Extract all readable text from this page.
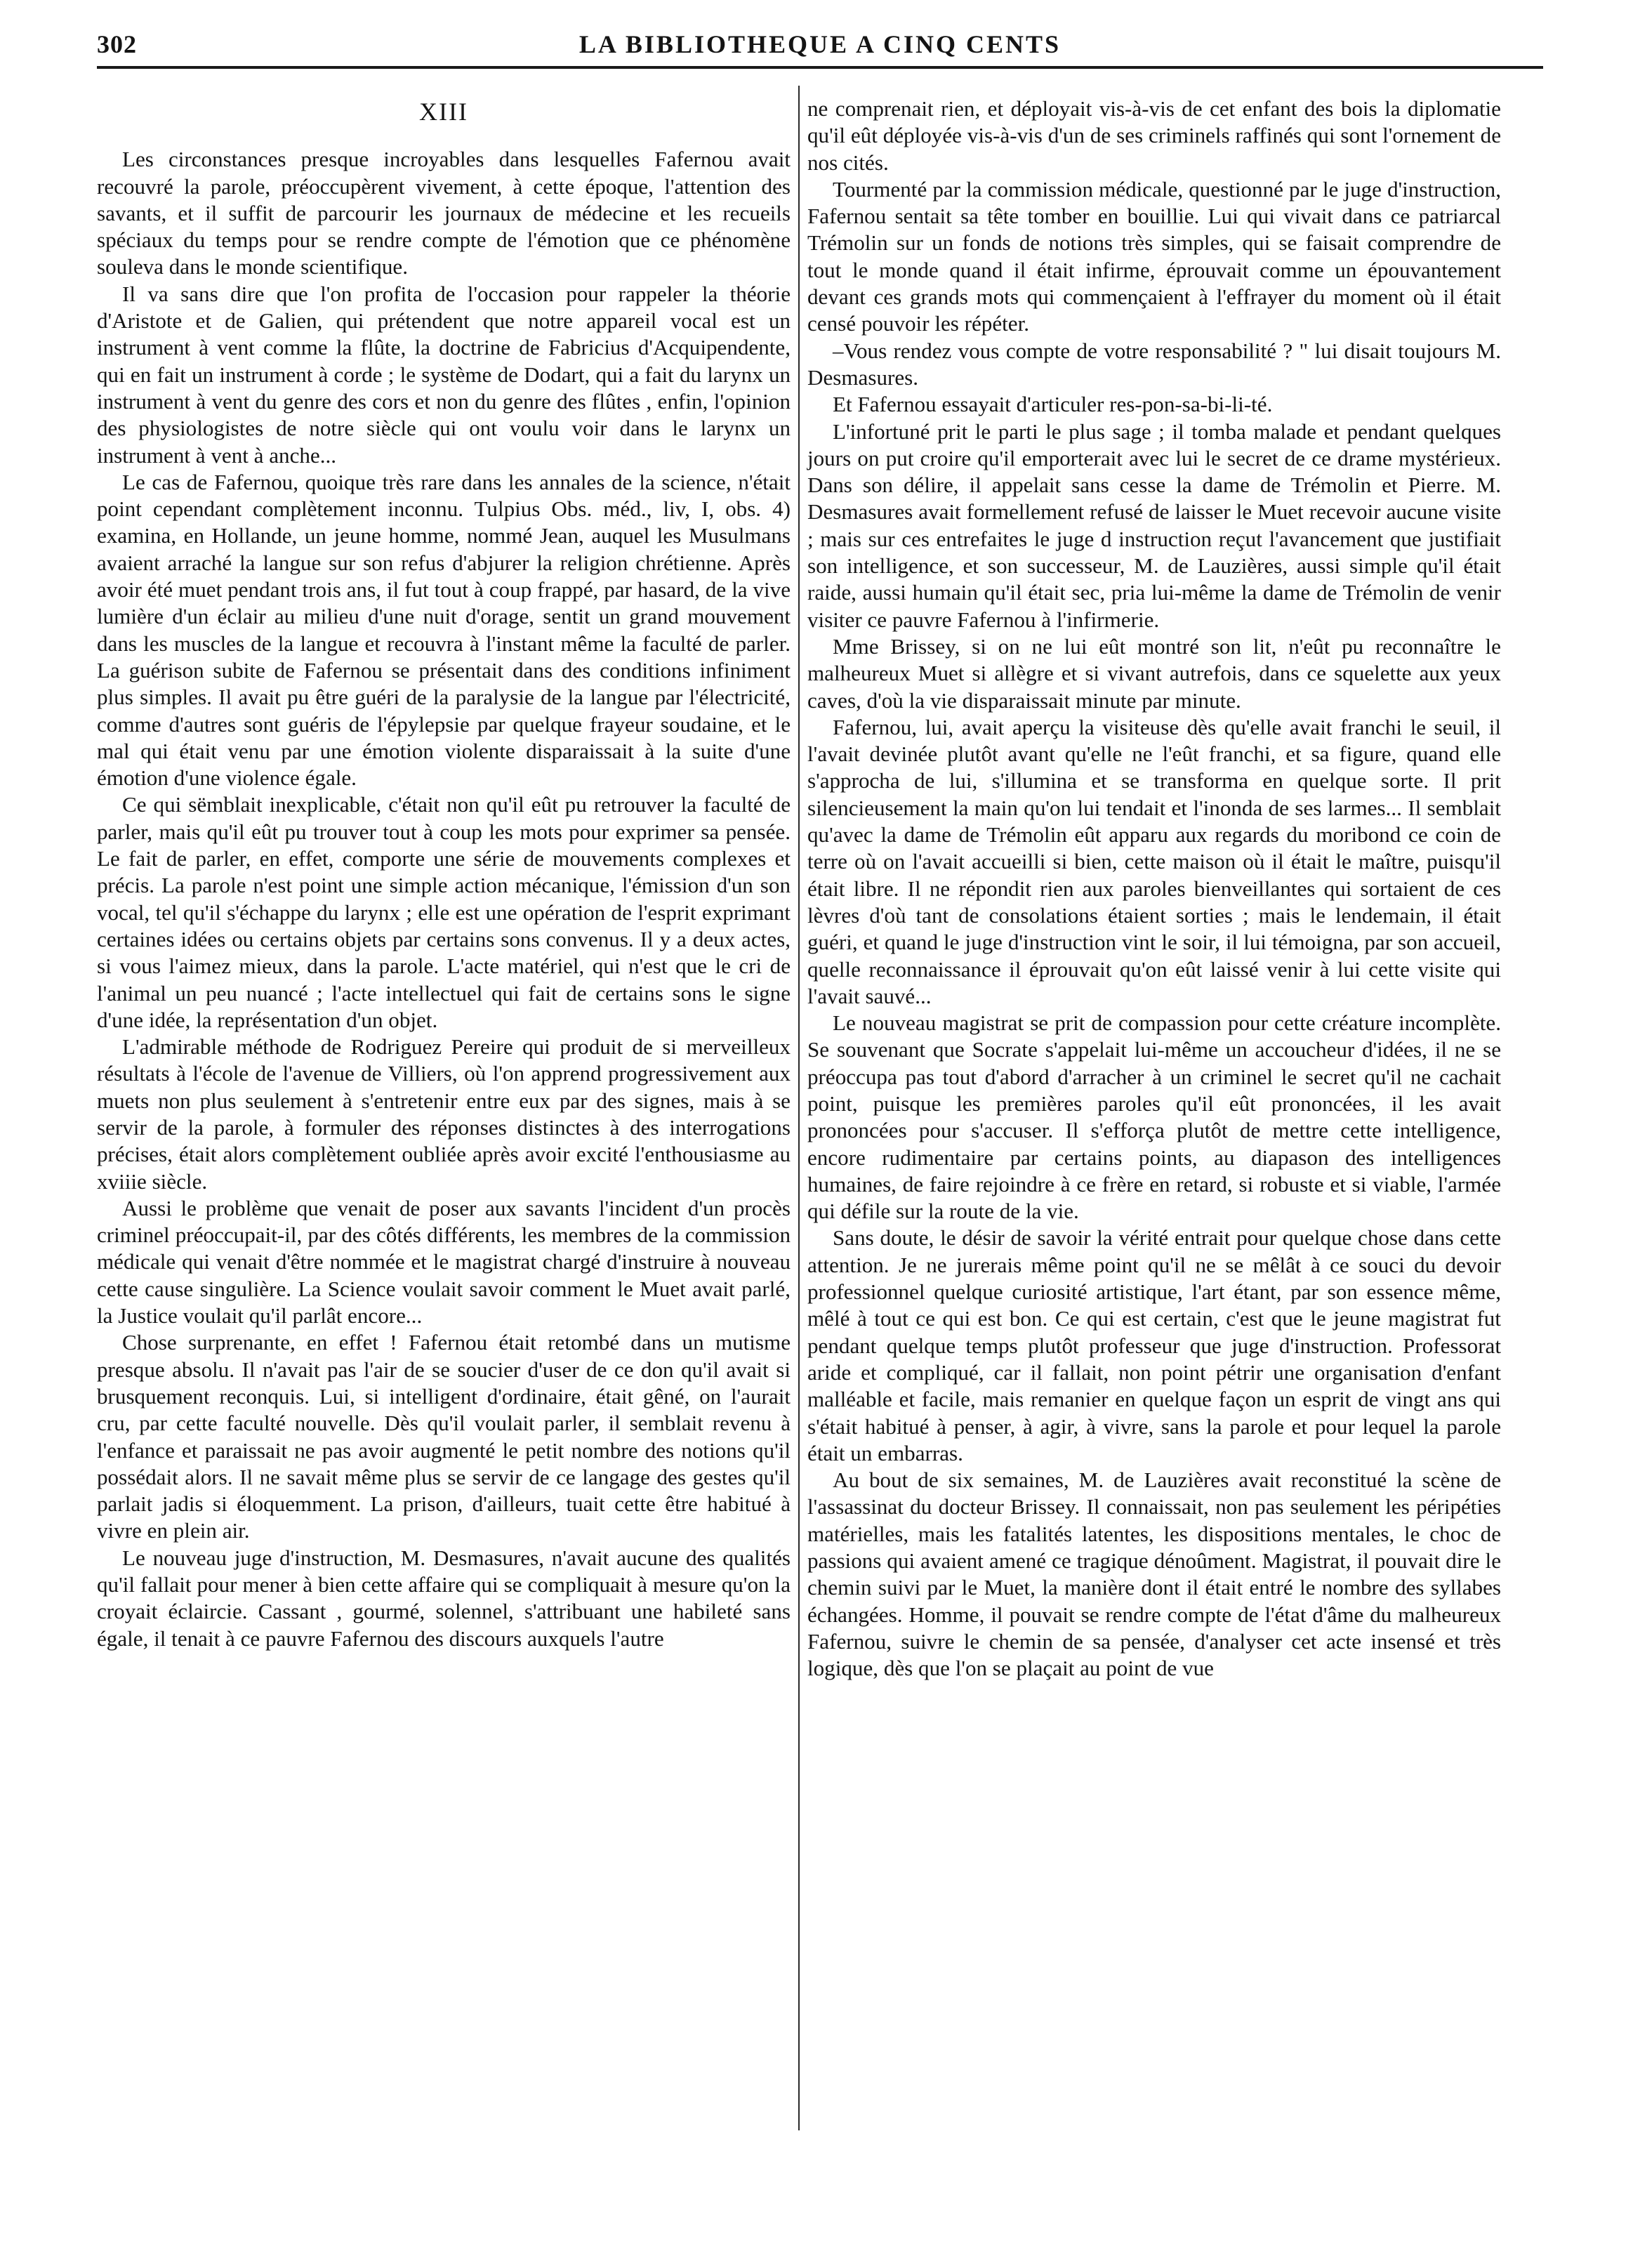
302	LA BIBLIOTHEQUE A CINQ CENTS
XIII

Les circonstances presque incroyables dans lesquelles Fafernou avait recouvré la parole, préoccupèrent vivement, à cette époque, l'attention des savants, et il suffit de parcourir les journaux de médecine et les recueils spéciaux du temps pour se rendre compte de l'émotion que ce phénomène souleva dans le monde scientifique.

Il va sans dire que l'on profita de l'occasion pour rappeler la théorie d'Aristote et de Galien, qui prétendent que notre appareil vocal est un instrument à vent comme la flûte, la doctrine de Fabricius d'Acquipendente, qui en fait un instrument à corde ; le système de Dodart, qui a fait du larynx un instrument à vent du genre des cors et non du genre des flûtes , enfin, l'opinion des physiologistes de notre siècle qui ont voulu voir dans le larynx un instrument à vent à anche...

Le cas de Fafernou, quoique très rare dans les annales de la science, n'était point cependant complètement inconnu. Tulpius Obs. méd., liv, I, obs. 4) examina, en Hollande, un jeune homme, nommé Jean, auquel les Musulmans avaient arraché la langue sur son refus d'abjurer la religion chrétienne. Après avoir été muet pendant trois ans, il fut tout à coup frappé, par hasard, de la vive lumière d'un éclair au milieu d'une nuit d'orage, sentit un grand mouvement dans les muscles de la langue et recouvra à l'instant même la faculté de parler. La guérison subite de Fafernou se présentait dans des conditions infiniment plus simples. Il avait pu être guéri de la paralysie de la langue par l'électricité, comme d'autres sont guéris de l'épylepsie par quelque frayeur soudaine, et le mal qui était venu par une émotion violente disparaissait à la suite d'une émotion d'une violence égale.

Ce qui sëmblait inexplicable, c'était non qu'il eût pu retrouver la faculté de parler, mais qu'il eût pu trouver tout à coup les mots pour exprimer sa pensée. Le fait de parler, en effet, comporte une série de mouvements complexes et précis. La parole n'est point une simple action mécanique, l'émission d'un son vocal, tel qu'il s'échappe du larynx ; elle est une opération de l'esprit exprimant certaines idées ou certains objets par certains sons convenus. Il y a deux actes, si vous l'aimez mieux, dans la parole. L'acte matériel, qui n'est que le cri de l'animal un peu nuancé ; l'acte intellectuel qui fait de certains sons le signe d'une idée, la représentation d'un objet.

L'admirable méthode de Rodriguez Pereire qui produit de si merveilleux résultats à l'école de l'avenue de Villiers, où l'on apprend progressivement aux muets non plus seulement à s'entretenir entre eux par des signes, mais à se servir de la parole, à formuler des réponses distinctes à des interrogations précises, était alors complètement oubliée après avoir excité l'enthousiasme au xviiie siècle.

Aussi le problème que venait de poser aux savants l'incident d'un procès criminel préoccupait-il, par des côtés différents, les membres de la commission médicale qui venait d'être nommée et le magistrat chargé d'instruire à nouveau cette cause singulière. La Science voulait savoir comment le Muet avait parlé, la Justice voulait qu'il parlât encore...

Chose surprenante, en effet ! Fafernou était retombé dans un mutisme presque absolu. Il n'avait pas l'air de se soucier d'user de ce don qu'il avait si brusquement reconquis. Lui, si intelligent d'ordinaire, était gêné, on l'aurait cru, par cette faculté nouvelle. Dès qu'il voulait parler, il semblait revenu à l'enfance et paraissait ne pas avoir augmenté le petit nombre des notions qu'il possédait alors. Il ne savait même plus se servir de ce langage des gestes qu'il parlait jadis si éloquemment. La prison, d'ailleurs, tuait cette être habitué à vivre en plein air.

Le nouveau juge d'instruction, M. Desmasures, n'avait aucune des qualités qu'il fallait pour mener à bien cette affaire qui se compliquait à mesure qu'on la croyait éclaircie. Cassant , gourmé, solennel, s'attribuant une habileté sans égale, il tenait à ce pauvre Fafernou des discours auxquels l'autre

ne comprenait rien, et déployait vis-à-vis de cet enfant des bois la diplomatie qu'il eût déployée vis-à-vis d'un de ses criminels raffinés qui sont l'ornement de nos cités.

Tourmenté par la commission médicale, questionné par le juge d'instruction, Fafernou sentait sa tête tomber en bouillie. Lui qui vivait dans ce patriarcal Trémolin sur un fonds de notions très simples, qui se faisait comprendre de tout le monde quand il était infirme, éprouvait comme un épouvantement devant ces grands mots qui commençaient à l'effrayer du moment où il était censé pouvoir les répéter.

–Vous rendez vous compte de votre responsabilité ? " lui disait toujours M. Desmasures.

Et Fafernou essayait d'articuler res-pon-sa-bi-li-té.

L'infortuné prit le parti le plus sage ; il tomba malade et pendant quelques jours on put croire qu'il emporterait avec lui le secret de ce drame mystérieux. Dans son délire, il appelait sans cesse la dame de Trémolin et Pierre. M. Desmasures avait formellement refusé de laisser le Muet recevoir aucune visite ; mais sur ces entrefaites le juge d instruction reçut l'avancement que justifiait son intelligence, et son successeur, M. de Lauzières, aussi simple qu'il était raide, aussi humain qu'il était sec, pria lui-même la dame de Trémolin de venir visiter ce pauvre Fafernou à l'infirmerie.

Mme Brissey, si on ne lui eût montré son lit, n'eût pu reconnaître le malheureux Muet si allègre et si vivant autrefois, dans ce squelette aux yeux caves, d'où la vie disparaissait minute par minute.

Fafernou, lui, avait aperçu la visiteuse dès qu'elle avait franchi le seuil, il l'avait devinée plutôt avant qu'elle ne l'eût franchi, et sa figure, quand elle s'approcha de lui, s'illumina et se transforma en quelque sorte. Il prit silencieusement la main qu'on lui tendait et l'inonda de ses larmes... Il semblait qu'avec la dame de Trémolin eût apparu aux regards du moribond ce coin de terre où on l'avait accueilli si bien, cette maison où il était le maître, puisqu'il était libre. Il ne répondit rien aux paroles bienveillantes qui sortaient de ces lèvres d'où tant de consolations étaient sorties ; mais le lendemain, il était guéri, et quand le juge d'instruction vint le soir, il lui témoigna, par son accueil, quelle reconnaissance il éprouvait qu'on eût laissé venir à lui cette visite qui l'avait sauvé...

Le nouveau magistrat se prit de compassion pour cette créature incomplète. Se souvenant que Socrate s'appelait lui-même un accoucheur d'idées, il ne se préoccupa pas tout d'abord d'arracher à un criminel le secret qu'il ne cachait point, puisque les premières paroles qu'il eût prononcées, il les avait prononcées pour s'accuser. Il s'efforça plutôt de mettre cette intelligence, encore rudimentaire par certains points, au diapason des intelligences humaines, de faire rejoindre à ce frère en retard, si robuste et si viable, l'armée qui défile sur la route de la vie.

Sans doute, le désir de savoir la vérité entrait pour quelque chose dans cette attention. Je ne jurerais même point qu'il ne se mêlât à ce souci du devoir professionnel quelque curiosité artistique, l'art étant, par son essence même, mêlé à tout ce qui est bon. Ce qui est certain, c'est que le jeune magistrat fut pendant quelque temps plutôt professeur que juge d'instruction. Professorat aride et compliqué, car il fallait, non point pétrir une organisation d'enfant malléable et facile, mais remanier en quelque façon un esprit de vingt ans qui s'était habitué à penser, à agir, à vivre, sans la parole et pour lequel la parole était un embarras.

Au bout de six semaines, M. de Lauzières avait reconstitué la scène de l'assassinat du docteur Brissey. Il connaissait, non pas seulement les péripéties matérielles, mais les fatalités latentes, les dispositions mentales, le choc de passions qui avaient amené ce tragique dénoûment. Magistrat, il pouvait dire le chemin suivi par le Muet, la manière dont il était entré le nombre des syllabes échangées. Homme, il pouvait se rendre compte de l'état d'âme du malheureux Fafernou, suivre le chemin de sa pensée, d'analyser cet acte insensé et très logique, dès que l'on se plaçait au point de vue
